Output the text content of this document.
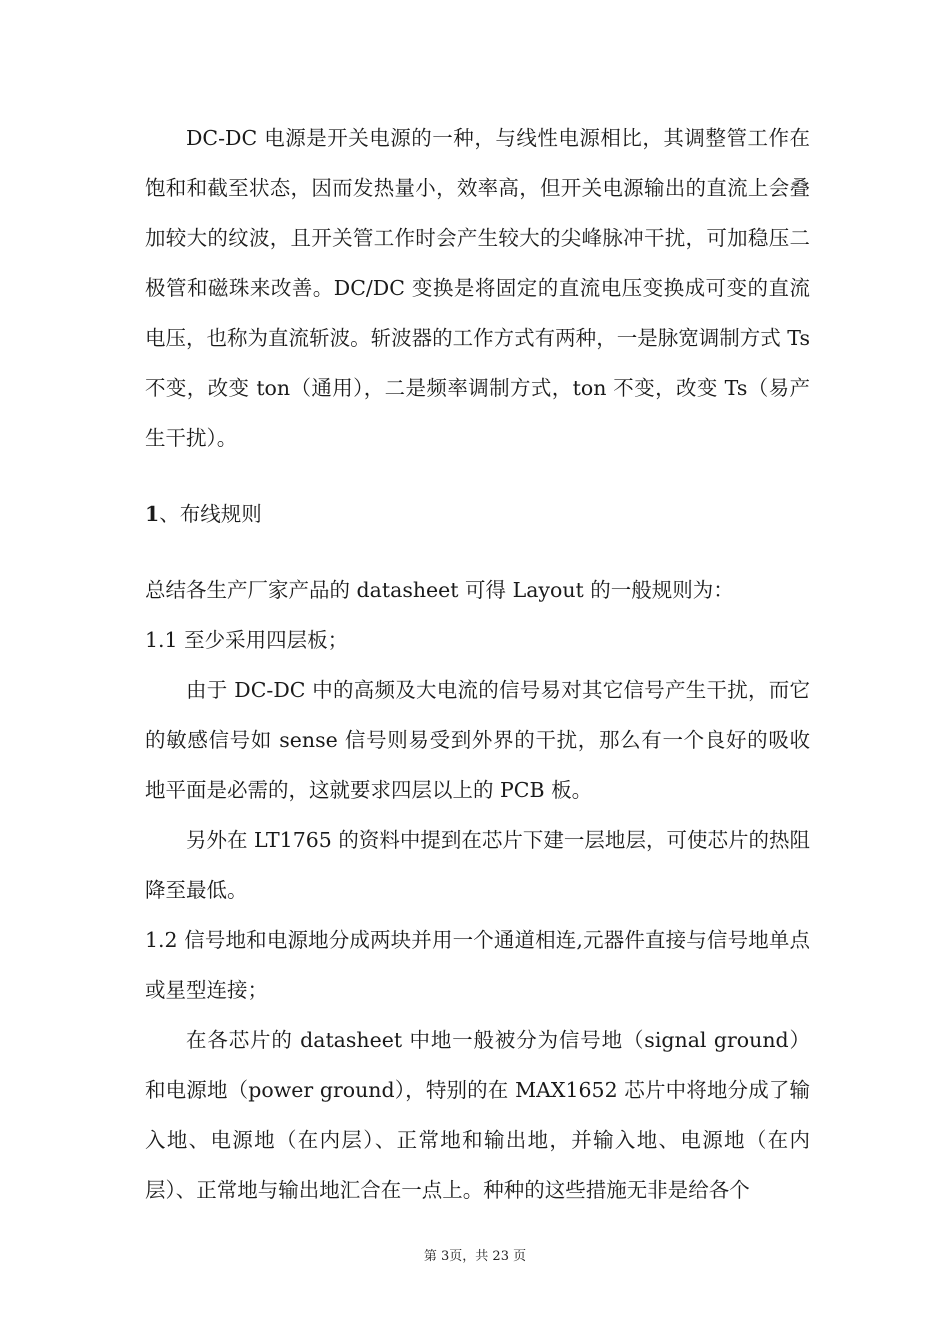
DC-DC 电源是开关电源的一种，与线性电源相比，其调整管工作在饱和和截至状态，因而发热量小，效率高，但开关电源输出的直流上会叠加较大的纹波，且开关管工作时会产生较大的尖峰脉冲干扰，可加稳压二极管和磁珠来改善。DC/DC 变换是将固定的直流电压变换成可变的直流电压，也称为直流斩波。斩波器的工作方式有两种，一是脉宽调制方式 Ts 不变，改变 ton（通用），二是频率调制方式，ton 不变，改变 Ts（易产生干扰）。

1、布线规则

总结各生产厂家产品的 datasheet 可得 Layout 的一般规则为：

1.1 至少采用四层板；

由于 DC-DC 中的高频及大电流的信号易对其它信号产生干扰，而它的敏感信号如 sense 信号则易受到外界的干扰，那么有一个良好的吸收地平面是必需的，这就要求四层以上的 PCB 板。

另外在 LT1765 的资料中提到在芯片下建一层地层，可使芯片的热阻降至最低。

1.2 信号地和电源地分成两块并用一个通道相连,元器件直接与信号地单点或星型连接；

在各芯片的 datasheet 中地一般被分为信号地（signal ground）和电源地（power ground），特别的在 MAX1652 芯片中将地分成了输入地、电源地（在内层）、正常地和输出地，并输入地、电源地（在内层）、正常地与输出地汇合在一点上。种种的这些措施无非是给各个

第 3页，共 23 页
